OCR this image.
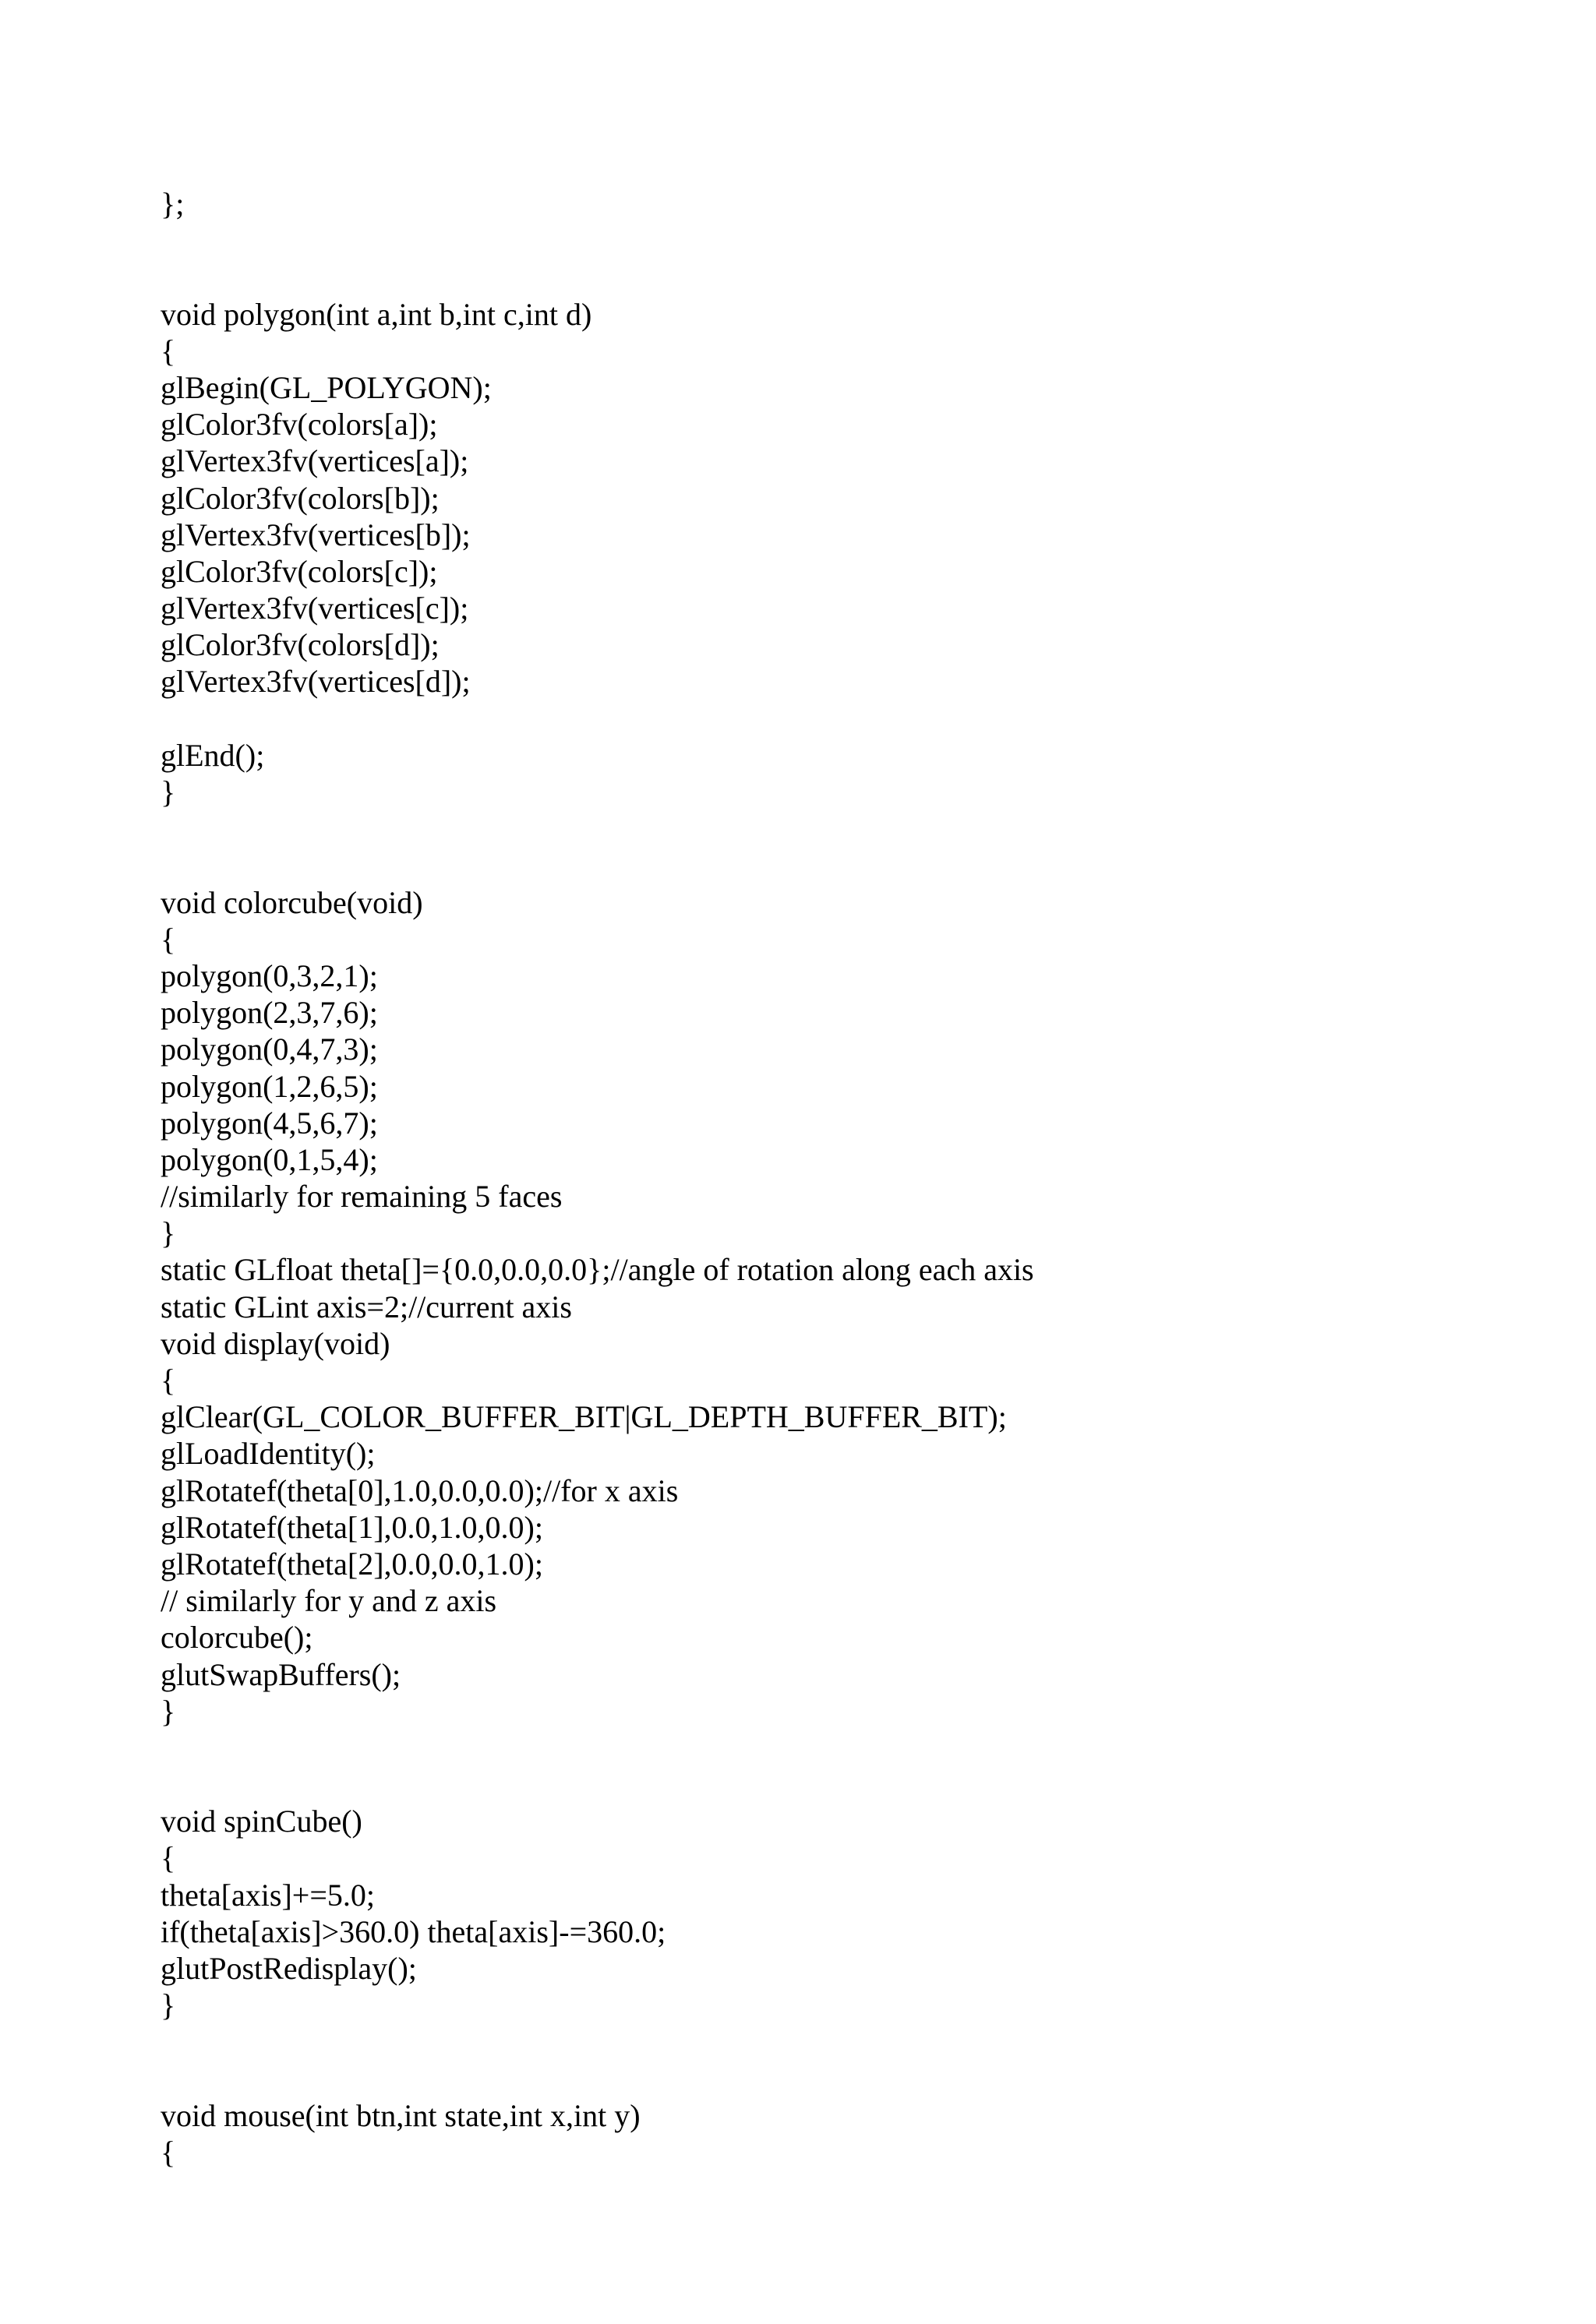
};
void polygon(int a,int b,int c,int d)
{
glBegin(GL_POLYGON);
glColor3fv(colors[a]);
glVertex3fv(vertices[a]);
glColor3fv(colors[b]);
glVertex3fv(vertices[b]);
glColor3fv(colors[c]);
glVertex3fv(vertices[c]);
glColor3fv(colors[d]);
glVertex3fv(vertices[d]);
glEnd();
}
void colorcube(void)
{
polygon(0,3,2,1);
polygon(2,3,7,6);
polygon(0,4,7,3);
polygon(1,2,6,5);
polygon(4,5,6,7);
polygon(0,1,5,4);
//similarly for remaining 5 faces
}
static GLfloat theta[]={0.0,0.0,0.0};//angle of rotation along each axis
static GLint axis=2;//current axis
void display(void)
{
glClear(GL_COLOR_BUFFER_BIT|GL_DEPTH_BUFFER_BIT);
glLoadIdentity();
glRotatef(theta[0],1.0,0.0,0.0);//for x axis
glRotatef(theta[1],0.0,1.0,0.0);
glRotatef(theta[2],0.0,0.0,1.0);
// similarly for y and z axis
colorcube();
glutSwapBuffers();
}
void spinCube()
{
theta[axis]+=5.0;
if(theta[axis]>360.0) theta[axis]-=360.0;
glutPostRedisplay();
}
void mouse(int btn,int state,int x,int y)
{
